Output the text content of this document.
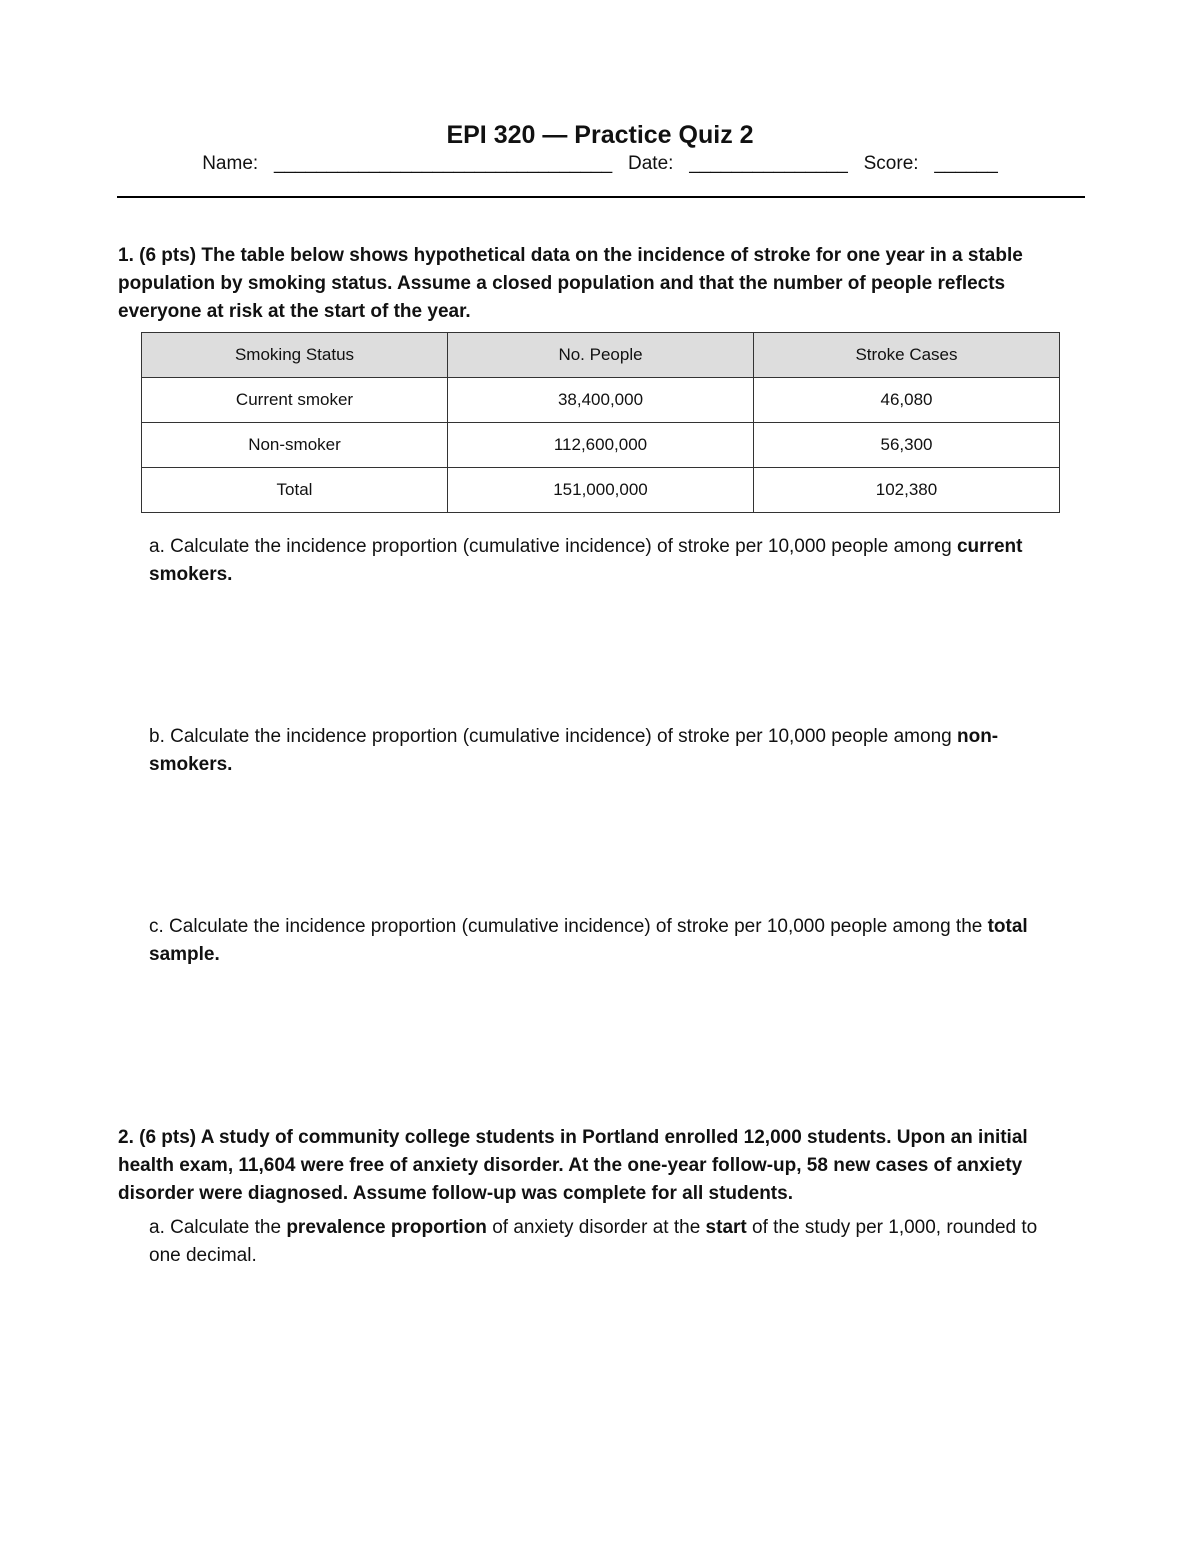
EPI 320 — Practice Quiz 2
Name: ________________________________ Date: _______________ Score: ______
1. (6 pts) The table below shows hypothetical data on the incidence of stroke for one year in a stable population by smoking status. Assume a closed population and that the number of people reflects everyone at risk at the start of the year.
Smoking Status	No. People	Stroke Cases
Current smoker	38,400,000	46,080
Non-smoker	112,600,000	56,300
Total	151,000,000	102,380
a. Calculate the incidence proportion (cumulative incidence) of stroke per 10,000 people among current smokers.
b. Calculate the incidence proportion (cumulative incidence) of stroke per 10,000 people among non-smokers.
c. Calculate the incidence proportion (cumulative incidence) of stroke per 10,000 people among the total sample.
2. (6 pts) A study of community college students in Portland enrolled 12,000 students. Upon an initial health exam, 11,604 were free of anxiety disorder. At the one-year follow-up, 58 new cases of anxiety disorder were diagnosed. Assume follow-up was complete for all students.
a. Calculate the prevalence proportion of anxiety disorder at the start of the study per 1,000, rounded to one decimal.
